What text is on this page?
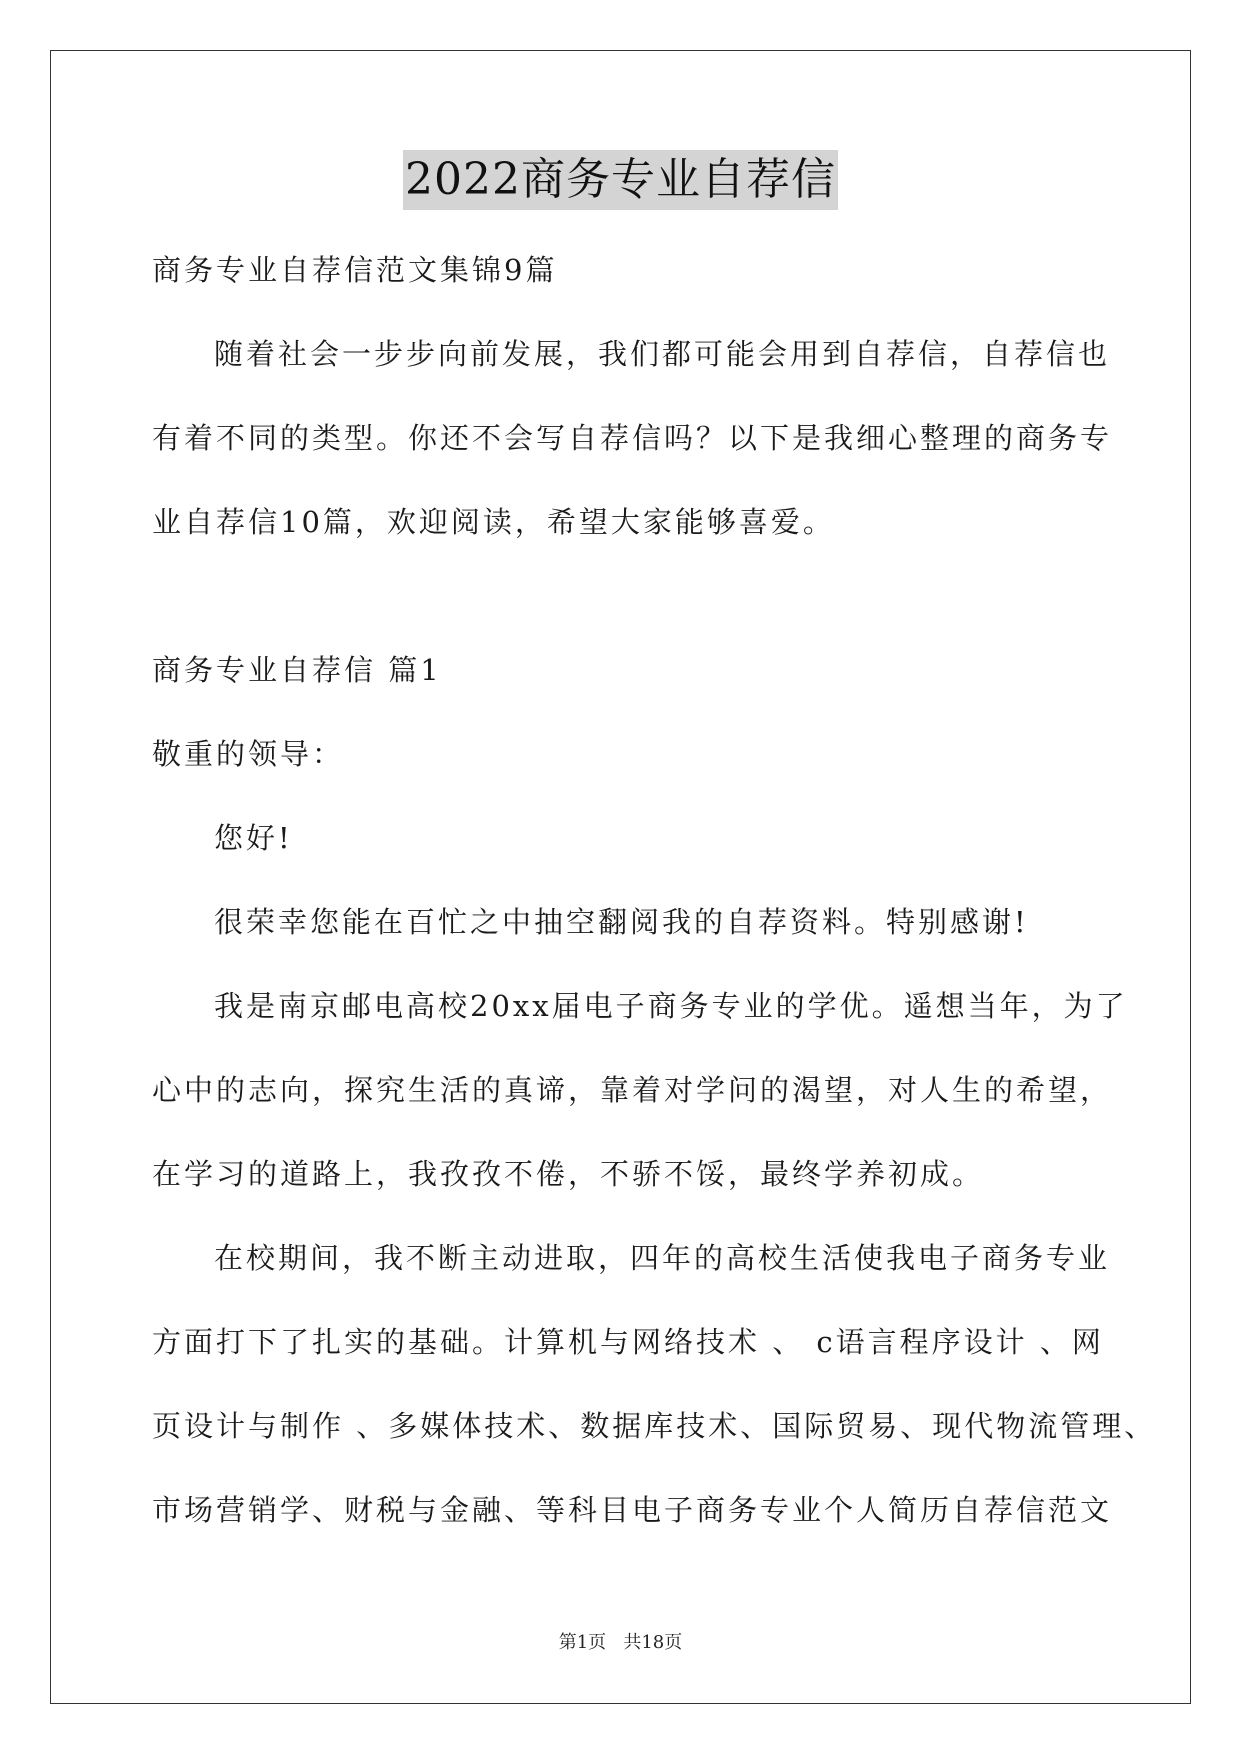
2022商务专业自荐信
商务专业自荐信范文集锦9篇
随着社会一步步向前发展，我们都可能会用到自荐信，自荐信也
有着不同的类型。你还不会写自荐信吗？以下是我细心整理的商务专
业自荐信10篇，欢迎阅读，希望大家能够喜爱。
商务专业自荐信 篇1
敬重的领导：
您好!
很荣幸您能在百忙之中抽空翻阅我的自荐资料。特别感谢!
我是南京邮电高校20xx届电子商务专业的学优。遥想当年，为了
心中的志向，探究生活的真谛，靠着对学问的渴望，对人生的希望，
在学习的道路上，我孜孜不倦，不骄不馁，最终学养初成。
在校期间，我不断主动进取，四年的高校生活使我电子商务专业
方面打下了扎实的基础。计算机与网络技术 、 c语言程序设计 、网
页设计与制作 、多媒体技术、数据库技术、国际贸易、现代物流管理、
市场营销学、财税与金融、等科目电子商务专业个人简历自荐信范文
第1页   共18页
